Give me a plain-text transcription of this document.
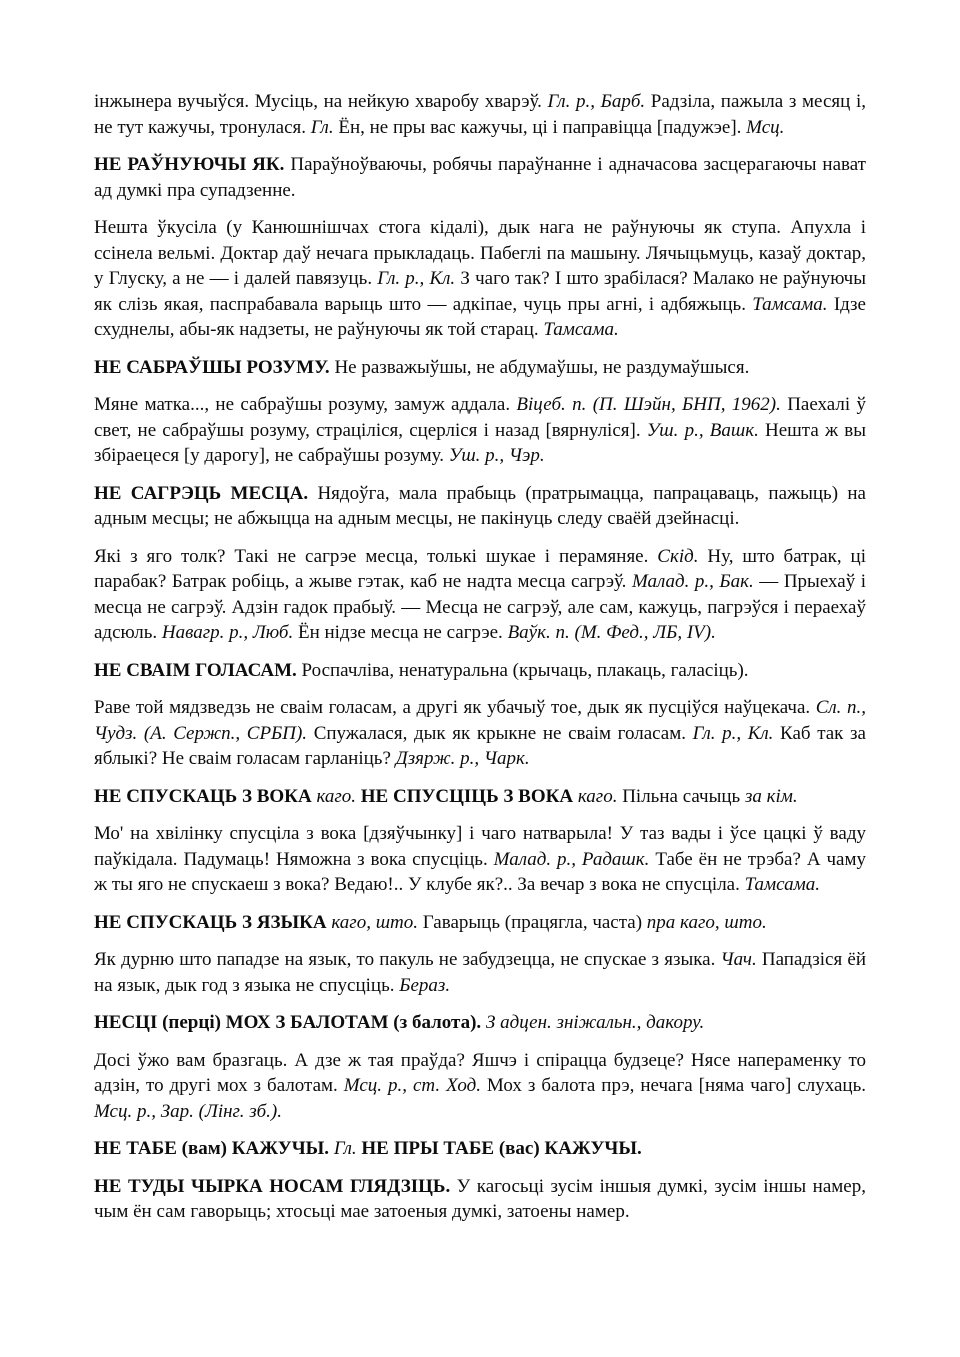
інжынера вучыўся. Мусіць, на нейкую хваробу хварэў. Гл. р., Барб. Радзіла, пажыла з месяц і, не тут кажучы, тронулася. Гл. Ён, не пры вас кажучы, ці і паправіцца [падужэе]. Мсц.

НЕ РАЎНУЮЧЫ ЯК. Параўноўваючы, робячы параўнанне і адначасова засцерагаючы нават ад думкі пра супадзенне.

Нешта ўкусіла (у Канюшнішчах стога кідалі), дык нага не раўнуючы як ступа. Апухла і ссінела вельмі. Доктар даў нечага прыкладаць. Пабеглі па машыну. Лячыцьмуць, казаў доктар, у Глуску, а не — і далей павязуць. Гл. р., Кл. З чаго так? І што зрабілася? Малако не раўнуючы як слізь якая, паспрабавала варыць што — адкіпае, чуць пры агні, і адбяжыць. Тамсама. Ідзе схуднелы, абы-як надзеты, не раўнуючы як той старац. Тамсама.

НЕ САБРАЎШЫ РОЗУМУ. Не разважыўшы, не абдумаўшы, не раздумаўшыся.

Мяне матка..., не сабраўшы розуму, замуж аддала. Віцеб. п. (П. Шэйн, БНП, 1962). Паехалі ў свет, не сабраўшы розуму, страціліся, сцерліся і назад [вярнуліся]. Уш. р., Вашк. Нешта ж вы збіраецеся [у дарогу], не сабраўшы розуму. Уш. р., Чэр.

НЕ САГРЭЦЬ МЕСЦА. Нядоўга, мала прабыць (пратрымацца, папрацаваць, пажыць) на адным месцы; не абжыцца на адным месцы, не пакінуць следу сваёй дзейнасці.

Які з яго толк? Такі не сагрэе месца, толькі шукае і перамяняе. Скід. Ну, што батрак, ці парабак? Батрак робіць, а жыве гэтак, каб не надта месца сагрэў. Малад. р., Бак. — Прыехаў і месца не сагрэў. Адзін гадок прабыў. — Месца не сагрэў, але сам, кажуць, пагрэўся і пераехаў адсюль. Навагр. р., Люб. Ён нідзе месца не сагрэе. Ваўк. п. (М. Фед., ЛБ, IV).

НЕ СВАІМ ГОЛАСАМ. Роспачліва, ненатуральна (крычаць, плакаць, галасіць).

Раве той мядзведзь не сваім голасам, а другі як убачыў тое, дык як пусціўся наўцекача. Сл. п., Чудз. (А. Сержп., СРБП). Спужалася, дык як крыкне не сваім голасам. Гл. р., Кл. Каб так за яблыкі? Не сваім голасам гарланіць? Дзярж. р., Чарк.

НЕ СПУСКАЦЬ З ВОКА каго. НЕ СПУСЦІЦЬ З ВОКА каго. Пільна сачыць за кім.

Мо' на хвілінку спусціла з вока [дзяўчынку] і чаго натварыла! У таз вады і ўсе цацкі ў ваду паўкідала. Падумаць! Няможна з вока спусціць. Малад. р., Радашк. Табе ён не трэба? А чаму ж ты яго не спускаеш з вока? Ведаю!.. У клубе як?.. За вечар з вока не спусціла. Тамсама.

НЕ СПУСКАЦЬ З ЯЗЫКА каго, што. Гаварыць (працягла, часта) пра каго, што.

Як дурню што пападзе на язык, то пакуль не забудзецца, не спускае з языка. Чач. Пападзіся ёй на язык, дык год з языка не спусціць. Бераз.

НЕСЦІ (перці) МОХ З БАЛОТАМ (з балота). З адцен. зніжальн., дакору.

Досі ўжо вам бразгаць. А дзе ж тая праўда? Яшчэ і спірацца будзеце? Нясе напераменку то адзін, то другі мох з балотам. Мсц. р., ст. Ход. Мох з балота прэ, нечага [няма чаго] слухаць. Мсц. р., Зар. (Лінг. зб.).

НЕ ТАБЕ (вам) КАЖУЧЫ. Гл. НЕ ПРЫ ТАБЕ (вас) КАЖУЧЫ.

НЕ ТУДЫ ЧЫРКА НОСАМ ГЛЯДЗІЦЬ. У кагосьці зусім іншыя думкі, зусім іншы намер, чым ён сам гаворыць; хтосьці мае затоеныя думкі, затоены намер.
